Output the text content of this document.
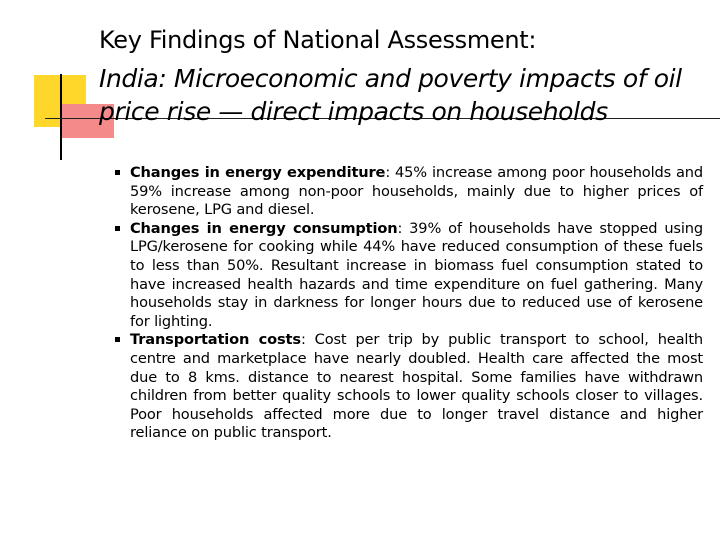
Key Findings of National Assessment:
India: Microeconomic and poverty impacts of oil price rise — direct impacts on households
Changes in energy expenditure: 45% increase among poor households and 59% increase among non-poor households, mainly due to higher prices of kerosene, LPG and diesel.
Changes in energy consumption: 39% of households have stopped using LPG/kerosene for cooking while 44% have reduced consumption of these fuels to less than 50%. Resultant increase in biomass fuel consumption stated to have increased health hazards and time expenditure on fuel gathering. Many households stay in darkness for longer hours due to reduced use of kerosene for lighting.
Transportation costs: Cost per trip by public transport to school, health centre and marketplace have nearly doubled. Health care affected the most due to 8 kms. distance to nearest hospital. Some families have withdrawn children from better quality schools to lower quality schools closer to villages. Poor households affected more due to longer travel distance and higher reliance on public transport.
